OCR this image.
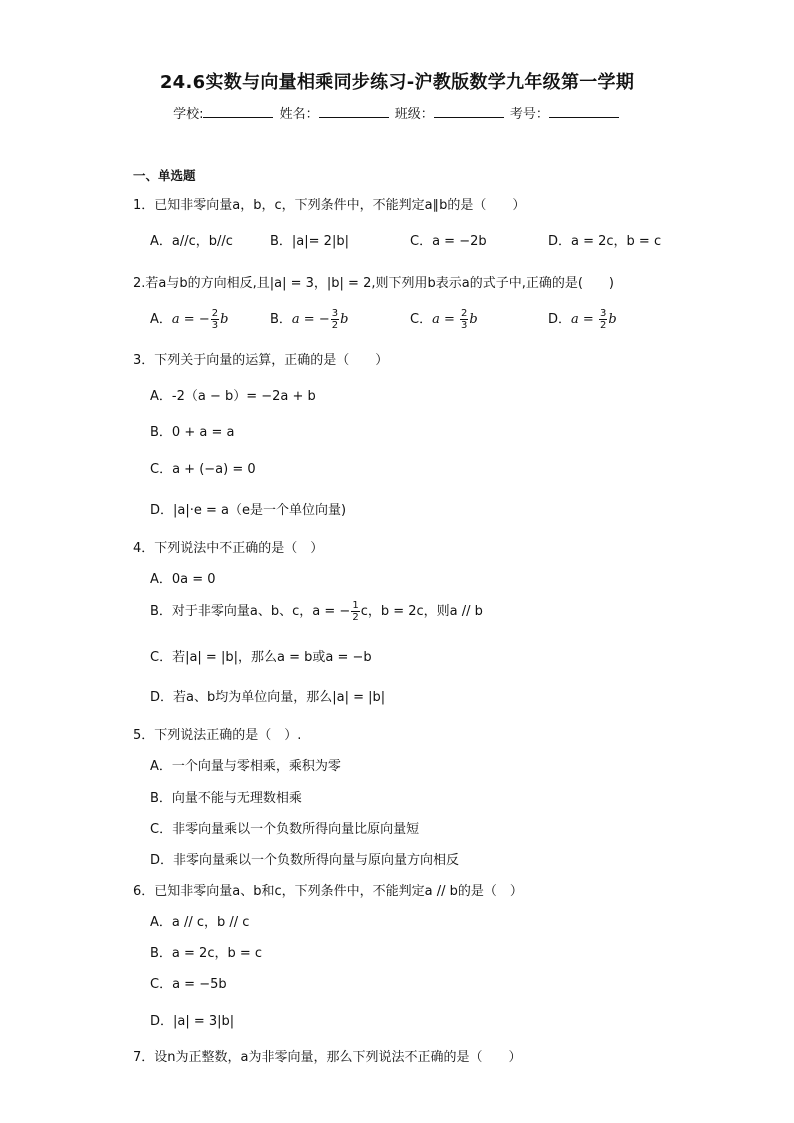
24.6实数与向量相乘同步练习-沪教版数学九年级第一学期
学校:	姓名：	班级：	考号：
一、单选题
1．已知非零向量a，b，c，下列条件中，不能判定a∥b的是（　　）
A．a//c，b//c	B．|a|= 2|b|	C．a = −2b	D．a = 2c，b = c
2.若a与b的方向相反,且|a| = 3，|b| = 2,则下列用b表示a的式子中,正确的是(　　)
A．a = − $\frac{2}{3}$ b	B．a = − $\frac{3}{2}$ b	C．$a = \frac{2}{3}$ b	D．$a = \frac{3}{2}$ b
3．下列关于向量的运算，正确的是（　　）
A．-2（a − b）= −2a + b
B．0 + a = a
C．a + (−a) = 0
D．|a|·e = a（e是一个单位向量)
4．下列说法中不正确的是（　）
A．0a = 0
B．对于非零向量a、b、c，a = − $\frac{1}{2}$ c，b = 2c，则a // b
C．若|a| = |b|，那么a = b或a = −b
D．若a、b均为单位向量，那么|a| = |b|
5．下列说法正确的是（　）.
A．一个向量与零相乘，乘积为零
B．向量不能与无理数相乘
C．非零向量乘以一个负数所得向量比原向量短
D．非零向量乘以一个负数所得向量与原向量方向相反
6．已知非零向量a、b和c，下列条件中，不能判定a // b的是（　）
A．a // c，b // c
B．a = 2c，b = c
C．a = −5b
D．|a| = 3|b|
7．设n为正整数，a为非零向量，那么下列说法不正确的是（　　）
